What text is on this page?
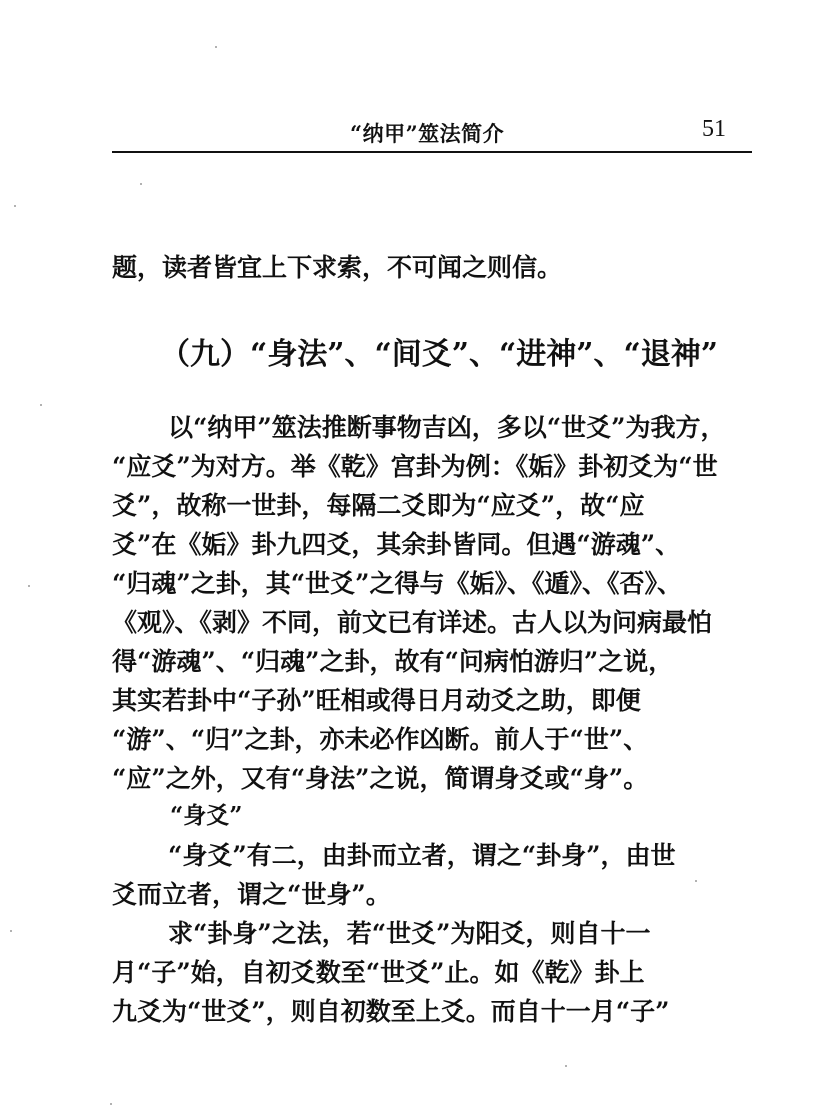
“纳甲”筮法简介	51
题，读者皆宜上下求索，不可闻之则信。
（九）“身法”、“间爻”、“进神”、“退神”
以“纳甲”筮法推断事物吉凶，多以“世爻”为我方，
“应爻”为对方。举《乾》宫卦为例：《姤》卦初爻为“世
爻”，故称一世卦，每隔二爻即为“应爻”，故“应
爻”在《姤》卦九四爻，其余卦皆同。但遇“游魂”、
“归魂”之卦，其“世爻”之得与《姤》、《遁》、《否》、
《观》、《剥》不同，前文已有详述。古人以为问病最怕
得“游魂”、“归魂”之卦，故有“问病怕游归”之说，
其实若卦中“子孙”旺相或得日月动爻之助，即便
“游”、“归”之卦，亦未必作凶断。前人于“世”、
“应”之外，又有“身法”之说，简谓身爻或“身”。
“身爻”
“身爻”有二，由卦而立者，谓之“卦身”，由世
爻而立者，谓之“世身”。
求“卦身”之法，若“世爻”为阳爻，则自十一
月“子”始，自初爻数至“世爻”止。如《乾》卦上
九爻为“世爻”，则自初数至上爻。而自十一月“子”
